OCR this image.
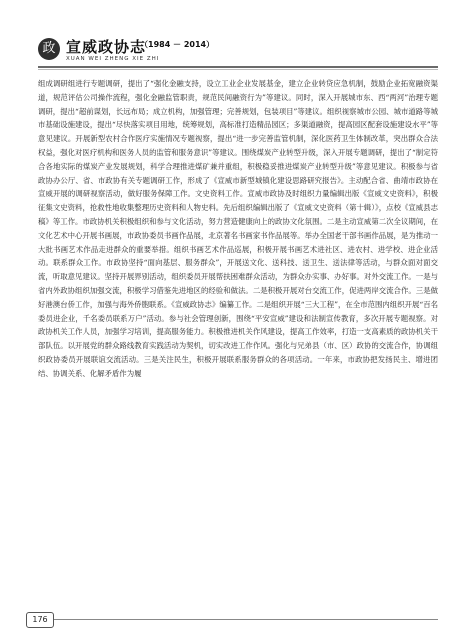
政 宣威政协志
（1984 － 2014）
XUAN WEI ZHENG XIE ZHI

组成调研组进行专题调研，提出了“强化金融支持，设立工业企业发展基金，建立企业转贷应急机制，鼓励企业拓宽融资渠道，规范评估公司操作流程，强化金融监管职责，规范民间融资行为”等建议。同时，深入开展城市东、西“两河”治理专题调研，提出“超前谋划，长远布局；成立机构，加强管理；完善规划，包装项目”等建议。组织视察城市公园、城市道路等城市基础设施建设，提出“尽快落实项目用地，统筹规划，高标准打造精品园区；多渠道融资，提高园区配套设施建设水平”等意见建议。开展新型农村合作医疗实施情况专题视察，提出“进一步完善监管机制，深化医药卫生体制改革，突出群众合法权益，强化对医疗机构和医务人员的监管和服务意识”等建议。围绕煤炭产业转型升级，深入开展专题调研，提出了“制定符合各地实际的煤炭产业发展规划，科学合理推进煤矿兼并重组，积极稳妥推进煤炭产业转型升级”等意见建议。积极参与省政协办公厅、省、市政协有关专题调研工作，形成了《宣威市新型城镇化建设思路研究报告》。主动配合省、曲靖市政协在宣威开展的调研视察活动，做好服务保障工作。文史资料工作。宣威市政协及时组织力量编辑出版《宣威文史资料》，积极征集文史资料，抢救性地收集整理历史资料和人物史料。先后组织编辑出版了《宣威文史资料（第十辑）》，点校《宣威县志稿》等工作。市政协机关积极组织和参与文化活动，努力营造健康向上的政协文化氛围。二是主动宣威第二次全议期间，在文化艺术中心开展书画展，市政协委员书画作品展，北京著名书画家书作品展等。举办全国老干部书画作品展，是为推动一大批书画艺术作品走进群众的重要举措。组织书画艺术作品巡展，积极开展书画艺术进社区、进农村、进学校、进企业活动。联系群众工作。市政协坚持“面向基层、服务群众”，开展送文化、送科技、送卫生、送法律等活动，与群众面对面交流，听取意见建议。坚持开展界别活动，组织委员开展帮扶困难群众活动，为群众办实事、办好事。对外交流工作。一是与省内外政协组织加强交流，积极学习借鉴先进地区的经验和做法。二是积极开展对台交流工作，促进两岸交流合作。三是做好港澳台侨工作，加强与海外侨胞联系。《宣威政协志》编纂工作。二是组织开展“三大工程”，在全市范围内组织开展“百名委员进企业，千名委员联系万户”活动。参与社会管理创新，围绕“平安宣威”建设和法制宣传教育，多次开展专题视察。对政协机关工作人员，加强学习培训，提高服务能力。积极推进机关作风建设，提高工作效率，打造一支高素质的政协机关干部队伍。以开展党的群众路线教育实践活动为契机，切实改进工作作风。强化与兄弟县（市、区）政协的交流合作，协调组织政协委员开展联谊交流活动。三是关注民生，积极开展联系服务群众的各项活动。一年来，市政协把发扬民主、增进团结、协调关系、化解矛盾作为履

176
